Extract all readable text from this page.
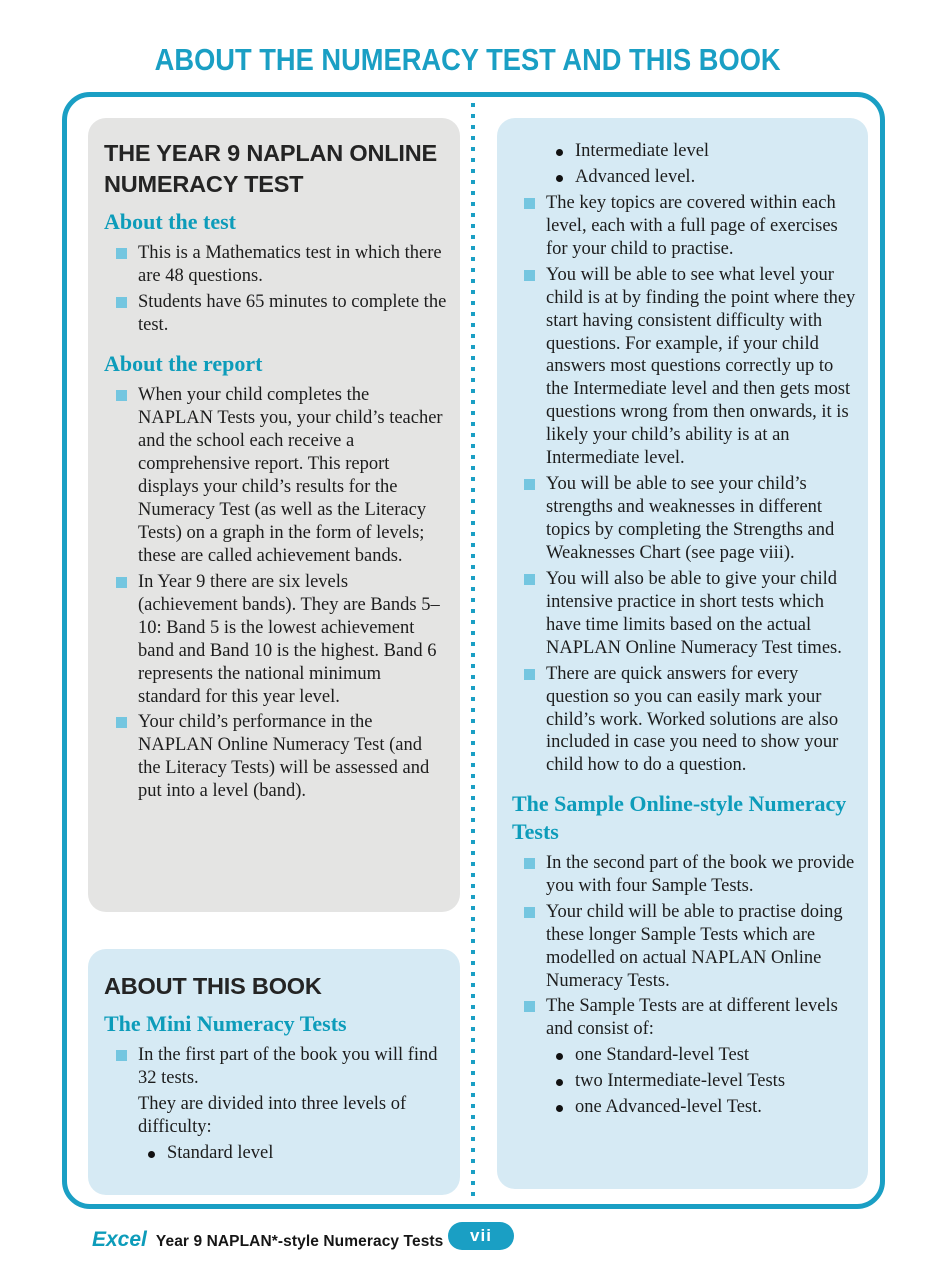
ABOUT THE NUMERACY TEST AND THIS BOOK
THE YEAR 9 NAPLAN ONLINE NUMERACY TEST
About the test
This is a Mathematics test in which there are 48 questions.
Students have 65 minutes to complete the test.
About the report
When your child completes the NAPLAN Tests you, your child’s teacher and the school each receive a comprehensive report. This report displays your child’s results for the Numeracy Test (as well as the Literacy Tests) on a graph in the form of levels; these are called achievement bands.
In Year 9 there are six levels (achievement bands). They are Bands 5–10: Band 5 is the lowest achievement band and Band 10 is the highest. Band 6 represents the national minimum standard for this year level.
Your child’s performance in the NAPLAN Online Numeracy Test (and the Literacy Tests) will be assessed and put into a level (band).
ABOUT THIS BOOK
The Mini Numeracy Tests
In the first part of the book you will find 32 tests.
They are divided into three levels of difficulty:
Standard level
Intermediate level
Advanced level.
The key topics are covered within each level, each with a full page of exercises for your child to practise.
You will be able to see what level your child is at by finding the point where they start having consistent difficulty with questions. For example, if your child answers most questions correctly up to the Intermediate level and then gets most questions wrong from then onwards, it is likely your child’s ability is at an Intermediate level.
You will be able to see your child’s strengths and weaknesses in different topics by completing the Strengths and Weaknesses Chart (see page viii).
You will also be able to give your child intensive practice in short tests which have time limits based on the actual NAPLAN Online Numeracy Test times.
There are quick answers for every question so you can easily mark your child’s work. Worked solutions are also included in case you need to show your child how to do a question.
The Sample Online-style Numeracy Tests
In the second part of the book we provide you with four Sample Tests.
Your child will be able to practise doing these longer Sample Tests which are modelled on actual NAPLAN Online Numeracy Tests.
The Sample Tests are at different levels and consist of:
one Standard-level Test
two Intermediate-level Tests
one Advanced-level Test.
Excel Year 9 NAPLAN*-style Numeracy Tests	vii
